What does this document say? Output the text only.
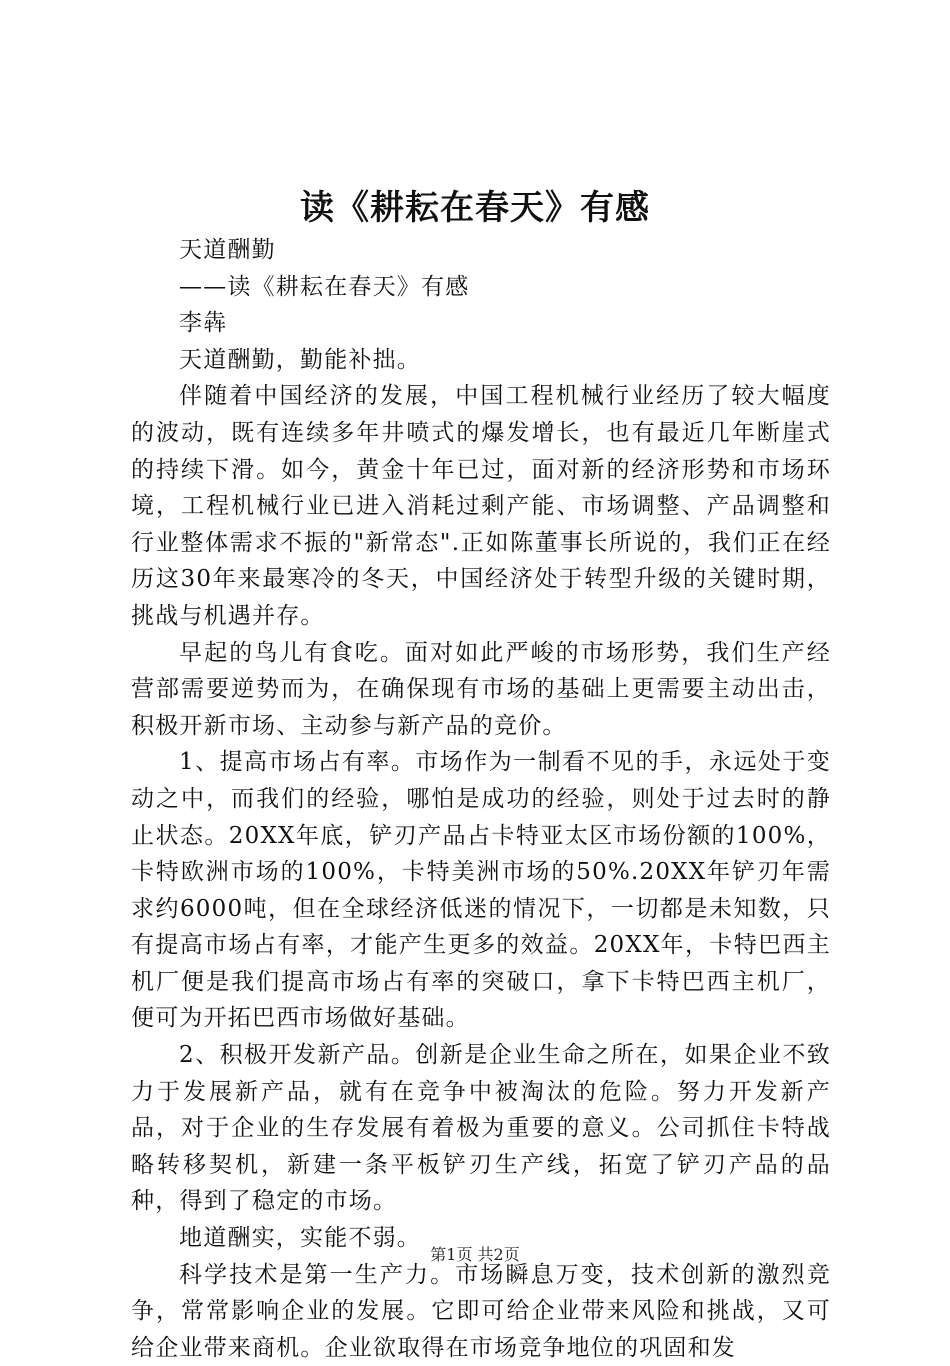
读《耕耘在春天》有感

天道酬勤

——读《耕耘在春天》有感

李犇

天道酬勤，勤能补拙。

伴随着中国经济的发展，中国工程机械行业经历了较大幅度的波动，既有连续多年井喷式的爆发增长，也有最近几年断崖式的持续下滑。如今，黄金十年已过，面对新的经济形势和市场环境，工程机械行业已进入消耗过剩产能、市场调整、产品调整和行业整体需求不振的"新常态".正如陈董事长所说的，我们正在经历这30年来最寒冷的冬天，中国经济处于转型升级的关键时期，挑战与机遇并存。

早起的鸟儿有食吃。面对如此严峻的市场形势，我们生产经营部需要逆势而为，在确保现有市场的基础上更需要主动出击，积极开新市场、主动参与新产品的竞价。

1、提高市场占有率。市场作为一制看不见的手，永远处于变动之中，而我们的经验，哪怕是成功的经验，则处于过去时的静止状态。20XX年底，铲刃产品占卡特亚太区市场份额的100%，卡特欧洲市场的100%，卡特美洲市场的50%.20XX年铲刃年需求约6000吨，但在全球经济低迷的情况下，一切都是未知数，只有提高市场占有率，才能产生更多的效益。20XX年，卡特巴西主机厂便是我们提高市场占有率的突破口，拿下卡特巴西主机厂，便可为开拓巴西市场做好基础。

2、积极开发新产品。创新是企业生命之所在，如果企业不致力于发展新产品，就有在竞争中被淘汰的危险。努力开发新产品，对于企业的生存发展有着极为重要的意义。公司抓住卡特战略转移契机，新建一条平板铲刃生产线，拓宽了铲刃产品的品种，得到了稳定的市场。

地道酬实，实能不弱。

科学技术是第一生产力。市场瞬息万变，技术创新的激烈竞争，常常影响企业的发展。它即可给企业带来风险和挑战，又可给企业带来商机。企业欲取得在市场竞争地位的巩固和发

第1页 共2页
